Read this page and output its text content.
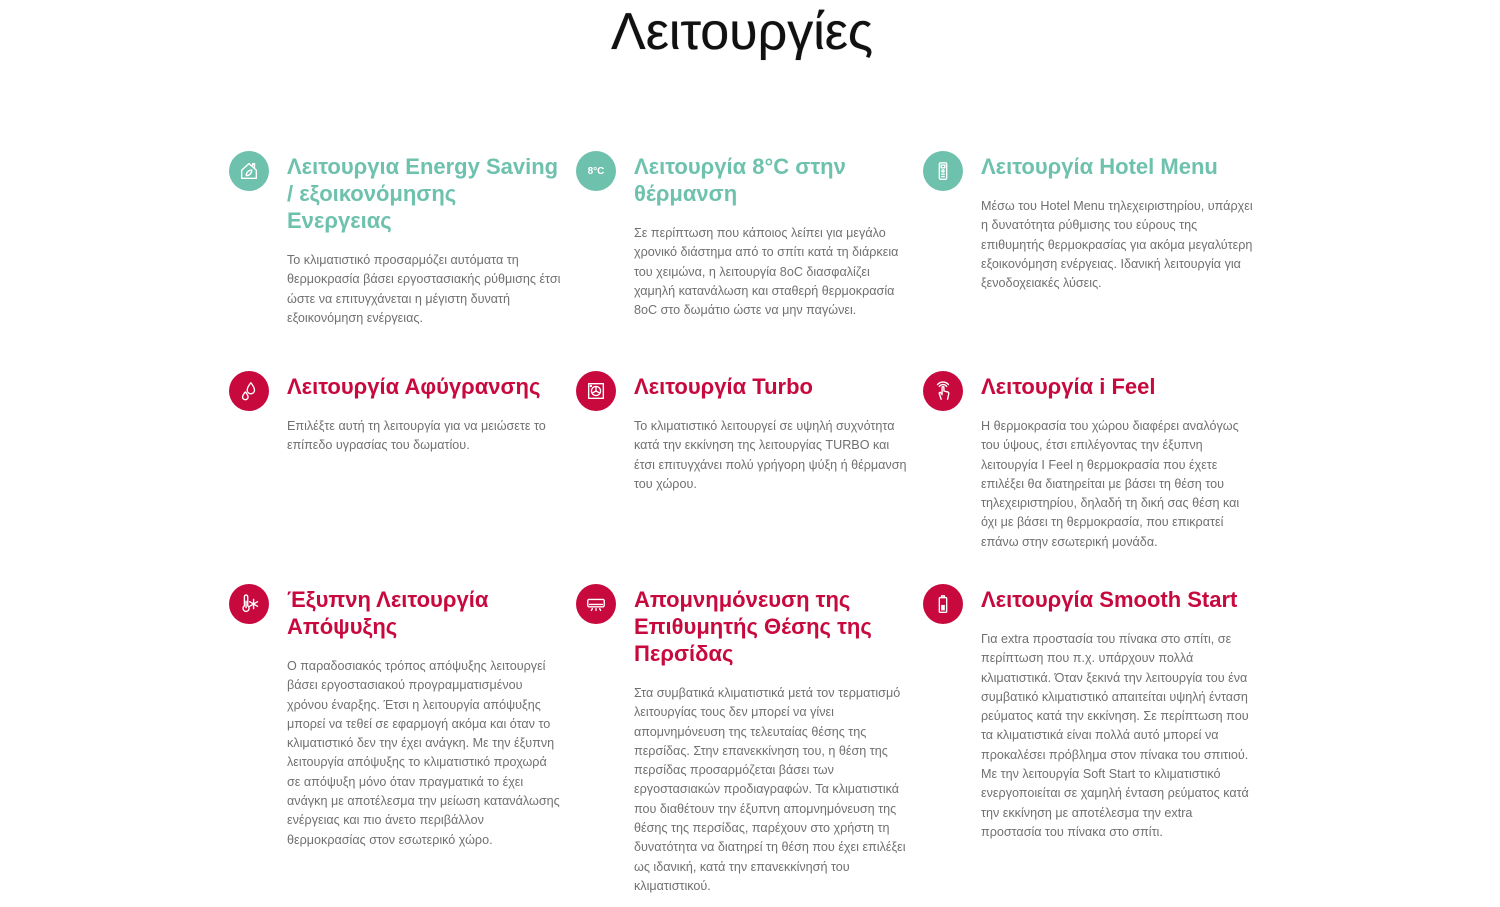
Λειτουργίες
Λειτουργια Energy Saving / εξοικονόμησης Ενεργειας

Το κλιματιστικό προσαρμόζει αυτόματα τη θερμοκρασία βάσει εργοστασιακής ρύθμισης έτσι ώστε να επιτυγχάνεται η μέγιστη δυνατή εξοικονόμηση ενέργειας.

8°C Λειτουργία 8°C στην θέρμανση

Σε περίπτωση που κάποιος λείπει για μεγάλο χρονικό διάστημα από το σπίτι κατά τη διάρκεια του χειμώνα, η λειτουργία 8oC διασφαλίζει χαμηλή κατανάλωση και σταθερή θερμοκρασία 8oC στο δωμάτιο ώστε να μην παγώνει.

Λειτουργία Hotel Menu

Μέσω του Hotel Menu τηλεχειριστηρίου, υπάρχει η δυνατότητα ρύθμισης του εύρους της επιθυμητής θερμοκρασίας για ακόμα μεγαλύτερη εξοικονόμηση ενέργειας. Ιδανική λειτουργία για ξενοδοχειακές λύσεις.

Λειτουργία Αφύγρανσης

Επιλέξτε αυτή τη λειτουργία για να μειώσετε το επίπεδο υγρασίας του δωματίου.

Λειτουργία Turbo

Το κλιματιστικό λειτουργεί σε υψηλή συχνότητα κατά την εκκίνηση της λειτουργίας TURBO και έτσι επιτυγχάνει πολύ γρήγορη ψύξη ή θέρμανση του χώρου.

Λειτουργία i Feel

Η θερμοκρασία του χώρου διαφέρει αναλόγως του ύψους, έτσι επιλέγοντας την έξυπνη λειτουργία I Feel η θερμοκρασία που έχετε επιλέξει θα διατηρείται με βάσει τη θέση του τηλεχειριστηρίου, δηλαδή τη δική σας θέση και όχι με βάσει τη θερμοκρασία, που επικρατεί επάνω στην εσωτερική μονάδα.

Έξυπνη Λειτουργία Απόψυξης

Ο παραδοσιακός τρόπος απόψυξης λειτουργεί βάσει εργοστασιακού προγραμματισμένου χρόνου έναρξης. Έτσι η λειτουργία απόψυξης μπορεί να τεθεί σε εφαρμογή ακόμα και όταν το κλιματιστικό δεν την έχει ανάγκη. Με την έξυπνη λειτουργία απόψυξης το κλιματιστικό προχωρά σε απόψυξη μόνο όταν πραγματικά το έχει ανάγκη με αποτέλεσμα την μείωση κατανάλωσης ενέργειας και πιο άνετο περιβάλλον θερμοκρασίας στον εσωτερικό χώρο.

Απομνημόνευση της Επιθυμητής Θέσης της Περσίδας

Στα συμβατικά κλιματιστικά μετά τον τερματισμό λειτουργίας τους δεν μπορεί να γίνει απομνημόνευση της τελευταίας θέσης της περσίδας. Στην επανεκκίνηση του, η θέση της περσίδας προσαρμόζεται βάσει των εργοστασιακών προδιαγραφών. Τα κλιματιστικά που διαθέτουν την έξυπνη απομνημόνευση της θέσης της περσίδας, παρέχουν στο χρήστη τη δυνατότητα να διατηρεί τη θέση που έχει επιλέξει ως ιδανική, κατά την επανεκκίνησή του κλιματιστικού.

Λειτουργία Smooth Start

Για extra προστασία του πίνακα στο σπίτι, σε περίπτωση που π.χ. υπάρχουν πολλά κλιματιστικά. Όταν ξεκινά την λειτουργία του ένα συμβατικό κλιματιστικό απαιτείται υψηλή ένταση ρεύματος κατά την εκκίνηση. Σε περίπτωση που τα κλιματιστικά είναι πολλά αυτό μπορεί να προκαλέσει πρόβλημα στον πίνακα του σπιτιού. Με την λειτουργία Soft Start το κλιματιστικό ενεργοποιείται σε χαμηλή ένταση ρεύματος κατά την εκκίνηση με αποτέλεσμα την extra προστασία του πίνακα στο σπίτι.
